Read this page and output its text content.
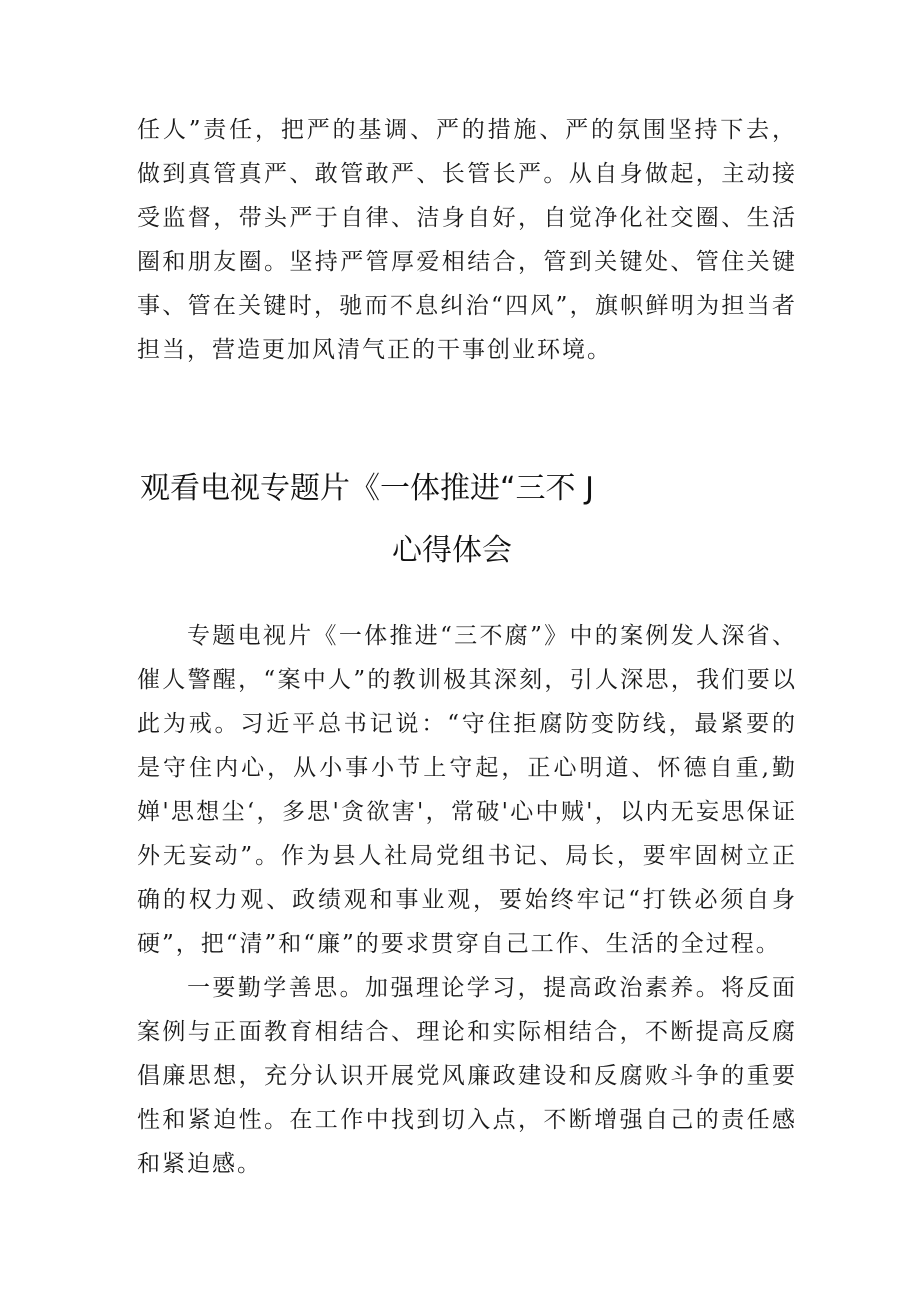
任人”责任，把严的基调、严的措施、严的氛围坚持下去，做到真管真严、敢管敢严、长管长严。从自身做起，主动接受监督，带头严于自律、洁身自好，自觉净化社交圈、生活圈和朋友圈。坚持严管厚爱相结合，管到关键处、管住关键事、管在关键时，驰而不息纠治“四风”，旗帜鲜明为担当者担当，营造更加风清气正的干事创业环境。

观看电视专题片《一体推进“三不 J
心得体会

专题电视片《一体推进“三不腐”》中的案例发人深省、催人警醒，“案中人”的教训极其深刻，引人深思，我们要以此为戒。习近平总书记说：“守住拒腐防变防线，最紧要的是守住内心，从小事小节上守起，正心明道、怀德自重,勤婵'思想尘‘，多思'贪欲害'，常破'心中贼'，以内无妄思保证外无妄动”。作为县人社局党组书记、局长，要牢固树立正确的权力观、政绩观和事业观，要始终牢记“打铁必须自身硬”，把“清”和“廉”的要求贯穿自己工作、生活的全过程。

一要勤学善思。加强理论学习，提高政治素养。将反面案例与正面教育相结合、理论和实际相结合，不断提高反腐倡廉思想，充分认识开展党风廉政建设和反腐败斗争的重要性和紧迫性。在工作中找到切入点，不断增强自己的责任感和紧迫感。
